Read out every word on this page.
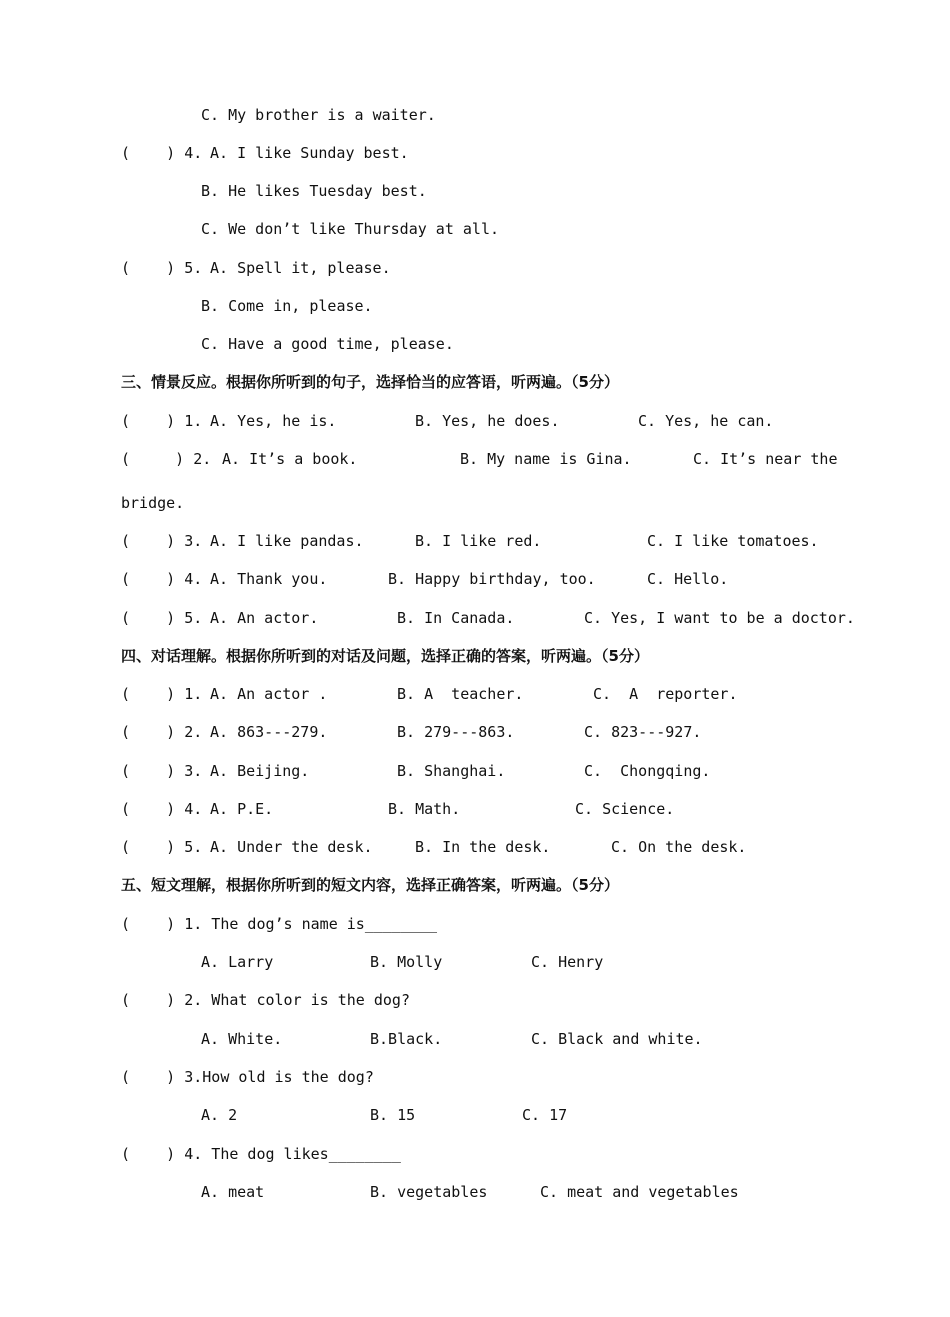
C. My brother is a waiter.
(    ) 4. A. I like Sunday best.
B. He likes Tuesday best.
C. We don’t like Thursday at all.
(    ) 5. A. Spell it, please.
B. Come in, please.
C. Have a good time, please.
三、情景反应。根据你所听到的句子，选择恰当的应答语，听两遍。（5分）
(    ) 1. A. Yes, he is.	B. Yes, he does.	C. Yes, he can.
(     ) 2. A. It’s a book.	B. My name is Gina.	C. It’s near the
bridge.
(    ) 3. A. I like pandas.	B. I like red.	C. I like tomatoes.
(    ) 4. A. Thank you.	B. Happy birthday, too.	C. Hello.
(    ) 5. A. An actor.	B. In Canada.	C. Yes, I want to be a doctor.
四、对话理解。根据你所听到的对话及问题，选择正确的答案，听两遍。（5分）
(    ) 1. A. An actor .	B. A  teacher.	C.  A  reporter.
(    ) 2. A. 863---279.	B. 279---863.	C. 823---927.
(    ) 3. A. Beijing.	B. Shanghai.	C.  Chongqing.
(    ) 4. A. P.E.	B. Math.	C. Science.
(    ) 5. A. Under the desk.	B. In the desk.	C. On the desk.
五、短文理解，根据你所听到的短文内容，选择正确答案，听两遍。（5分）
(    ) 1. The dog’s name is________
A. Larry	B. Molly	C. Henry
(    ) 2. What color is the dog?
A. White.	B.Black.	C. Black and white.
(    ) 3.How old is the dog?
A. 2	B. 15	C. 17
(    ) 4. The dog likes________
A. meat	B. vegetables	C. meat and vegetables
